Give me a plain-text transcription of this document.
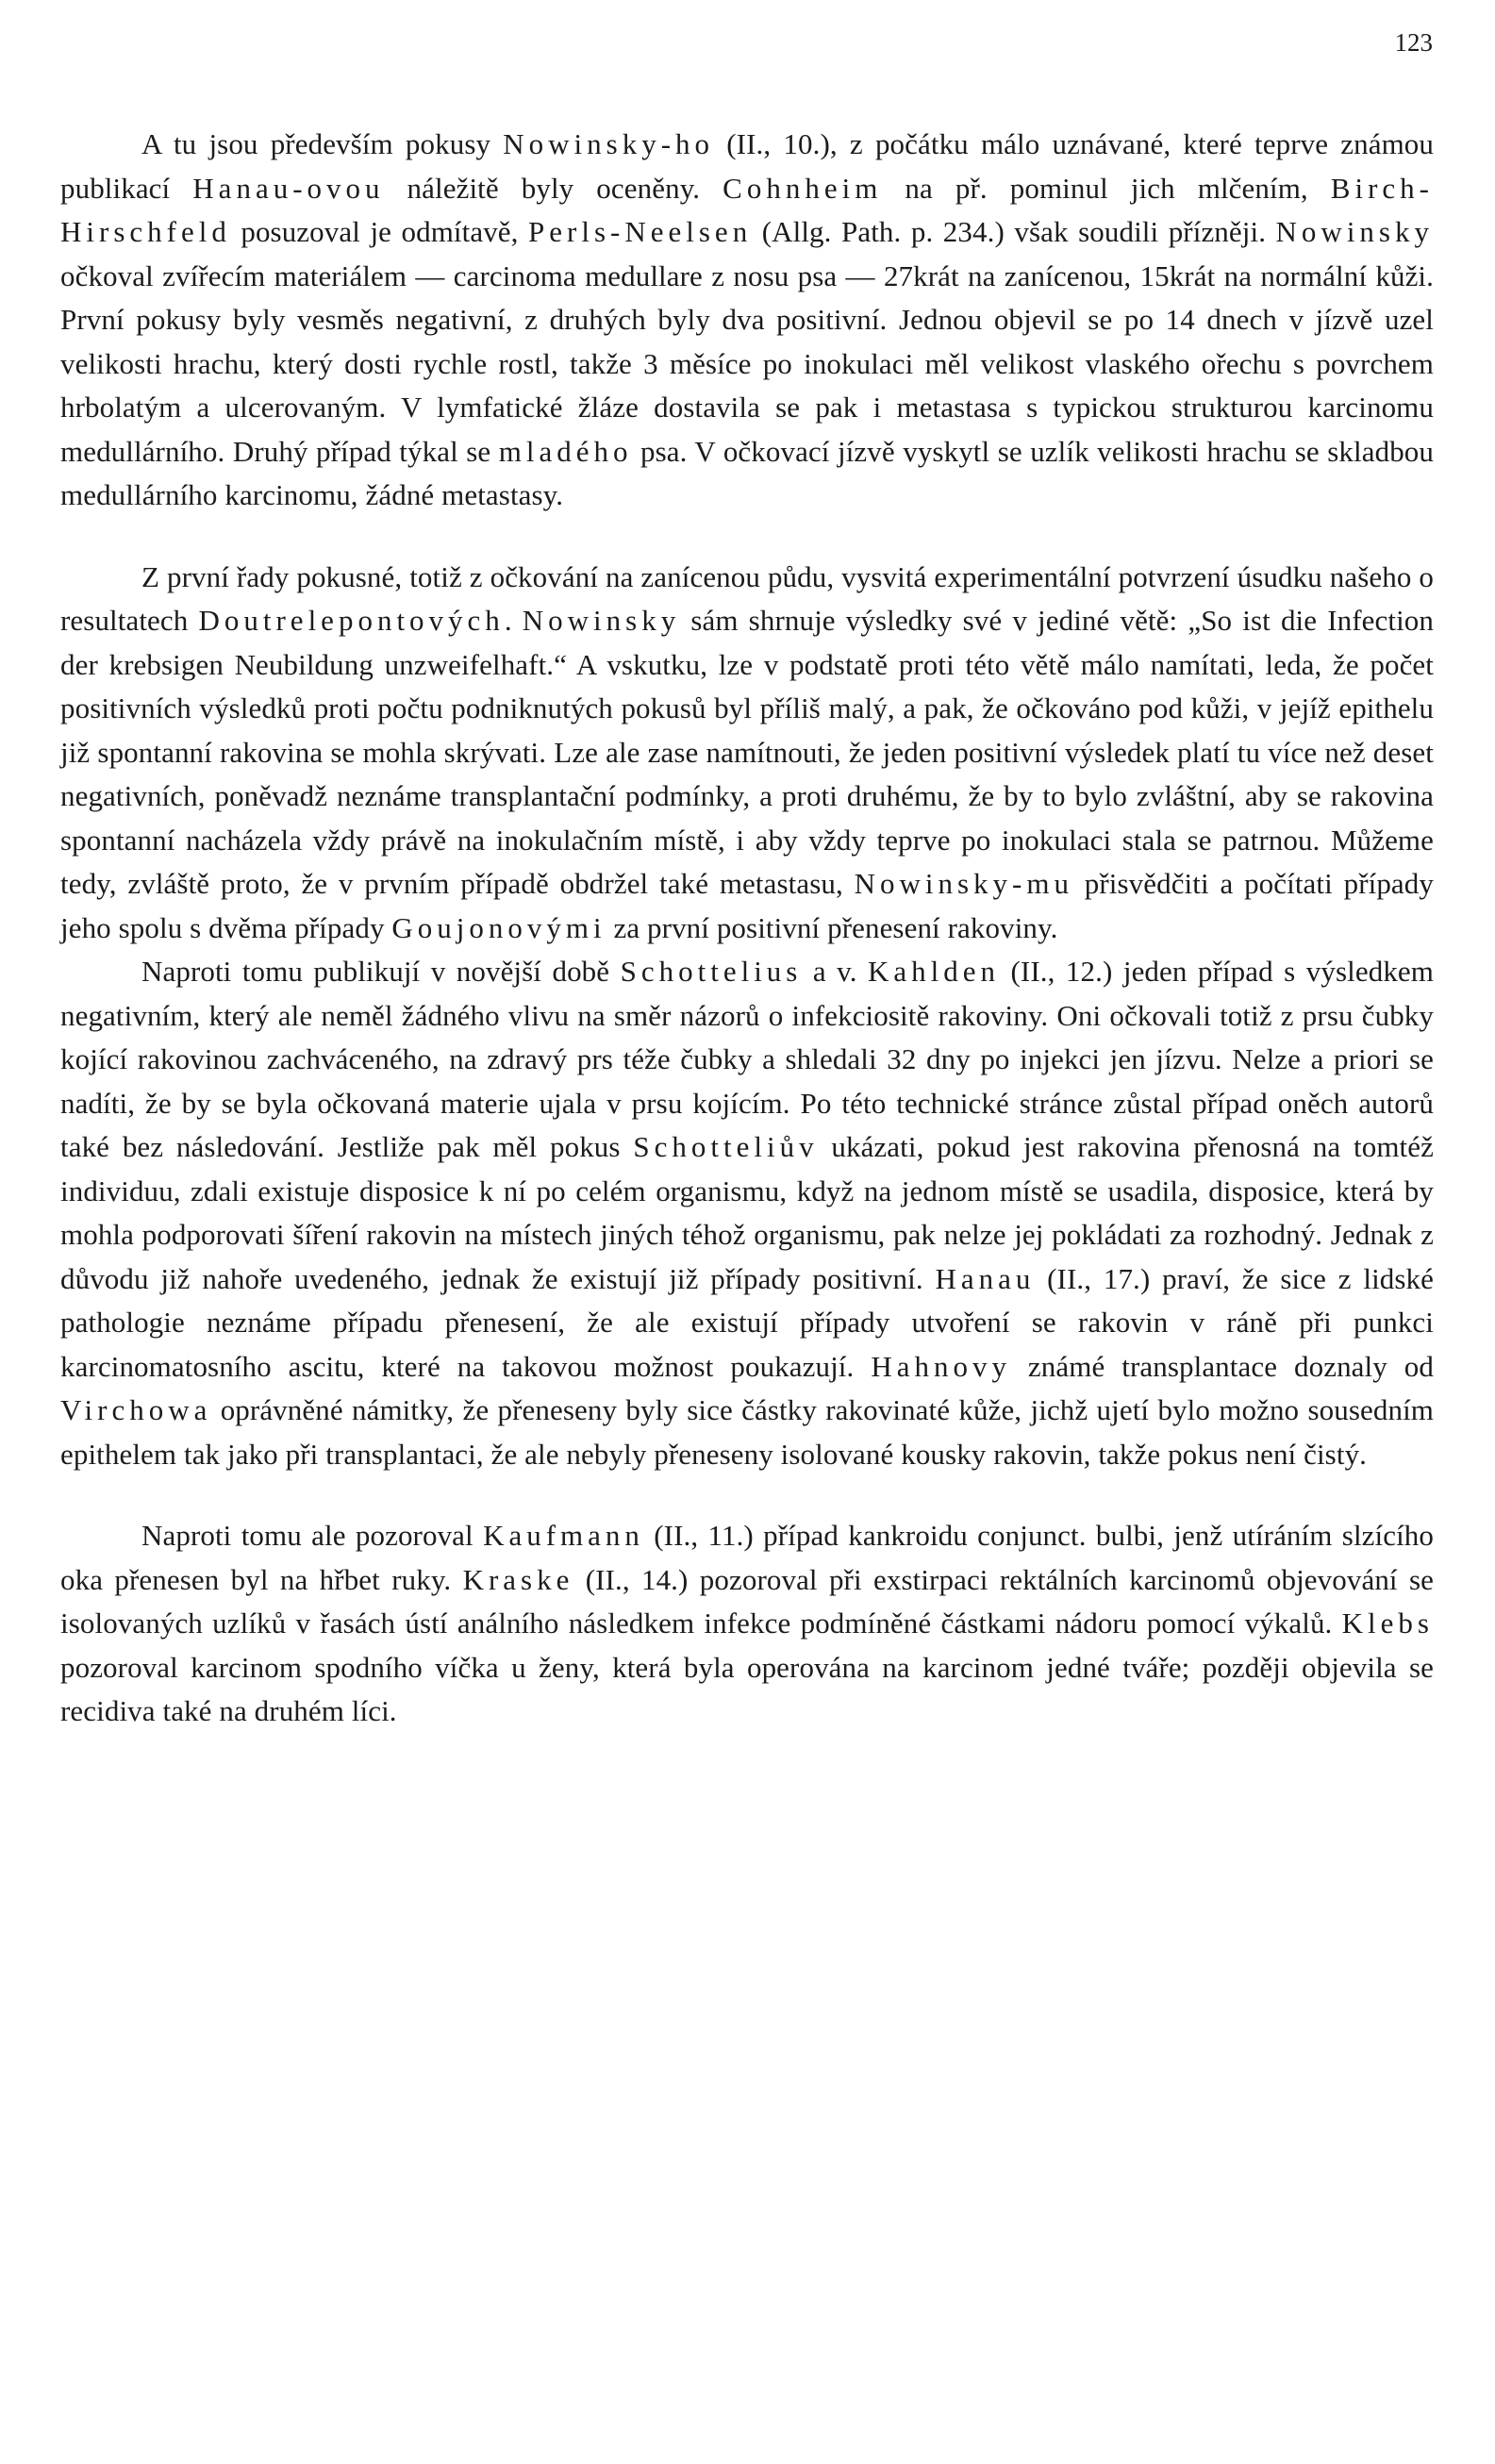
123

A tu jsou především pokusy Nowinsky-ho (II., 10.), z počátku málo uznávané, které teprve známou publikací Hanau-ovou náležitě byly oceněny. Cohnheim na př. pominul jich mlčením, Birch-Hirschfeld posuzoval je odmítavě, Perls-Neelsen (Allg. Path. p. 234.) však soudili přízněji. Nowinsky očkoval zvířecím materiálem — carcinoma medullare z nosu psa — 27krát na zanícenou, 15krát na normální kůži. První pokusy byly vesměs negativní, z druhých byly dva positivní. Jednou objevil se po 14 dnech v jízvě uzel velikosti hrachu, který dosti rychle rostl, takže 3 měsíce po inokulaci měl velikost vlaského ořechu s povrchem hrbolatým a ulcerovaným. V lymfatické žláze dostavila se pak i metastasa s typickou strukturou karcinomu medullárního. Druhý případ týkal se mladého psa. V očkovací jízvě vyskytl se uzlík velikosti hrachu se skladbou medullárního karcinomu, žádné metastasy.

Z první řady pokusné, totiž z očkování na zanícenou půdu, vysvitá experimentální potvrzení úsudku našeho o resultatech Doutrelepontových. Nowinsky sám shrnuje výsledky své v jediné větě: „So ist die Infection der krebsigen Neubildung unzweifelhaft.“ A vskutku, lze v podstatě proti této větě málo namítati, leda, že počet positivních výsledků proti počtu podniknutých pokusů byl příliš malý, a pak, že očkováno pod kůži, v jejíž epithelu již spontanní rakovina se mohla skrývati. Lze ale zase namítnouti, že jeden positivní výsledek platí tu více než deset negativních, poněvadž neznáme transplantační podmínky, a proti druhému, že by to bylo zvláštní, aby se rakovina spontanní nacházela vždy právě na inokulačním místě, i aby vždy teprve po inokulaci stala se patrnou. Můžeme tedy, zvláště proto, že v prvním případě obdržel také metastasu, Nowinsky-mu přisvědčiti a počítati případy jeho spolu s dvěma případy Goujonovými za první positivní přenesení rakoviny.

Naproti tomu publikují v novější době Schottelius a v. Kahlden (II., 12.) jeden případ s výsledkem negativním, který ale neměl žádného vlivu na směr názorů o infekciositě rakoviny. Oni očkovali totiž z prsu čubky kojící rakovinou zachváceného, na zdravý prs téže čubky a shledali 32 dny po injekci jen jízvu. Nelze a priori se nadíti, že by se byla očkovaná materie ujala v prsu kojícím. Po této technické stránce zůstal případ oněch autorů také bez následování. Jestliže pak měl pokus Schotteliův ukázati, pokud jest rakovina přenosná na tomtéž individuu, zdali existuje disposice k ní po celém organismu, když na jednom místě se usadila, disposice, která by mohla podporovati šíření rakovin na místech jiných téhož organismu, pak nelze jej pokládati za rozhodný. Jednak z důvodu již nahoře uvedeného, jednak že existují již případy positivní. Hanau (II., 17.) praví, že sice z lidské pathologie neznáme případu přenesení, že ale existují případy utvoření se rakovin v ráně při punkci karcinomatosního ascitu, které na takovou možnost poukazují. Hahnovy známé transplantace doznaly od Virchowa oprávněné námitky, že přeneseny byly sice částky rakovinaté kůže, jichž ujetí bylo možno sousedním epithelem tak jako při transplantaci, že ale nebyly přeneseny isolované kousky rakovin, takže pokus není čistý.

Naproti tomu ale pozoroval Kaufmann (II., 11.) případ kankroidu conjunct. bulbi, jenž utíráním slzícího oka přenesen byl na hřbet ruky. Kraske (II., 14.) pozoroval při exstirpaci rektálních karcinomů objevování se isolovaných uzlíků v řasách ústí análního následkem infekce podmíněné částkami nádoru pomocí výkalů. Klebs pozoroval karcinom spodního víčka u ženy, která byla operována na karcinom jedné tváře; později objevila se recidiva také na druhém líci.
